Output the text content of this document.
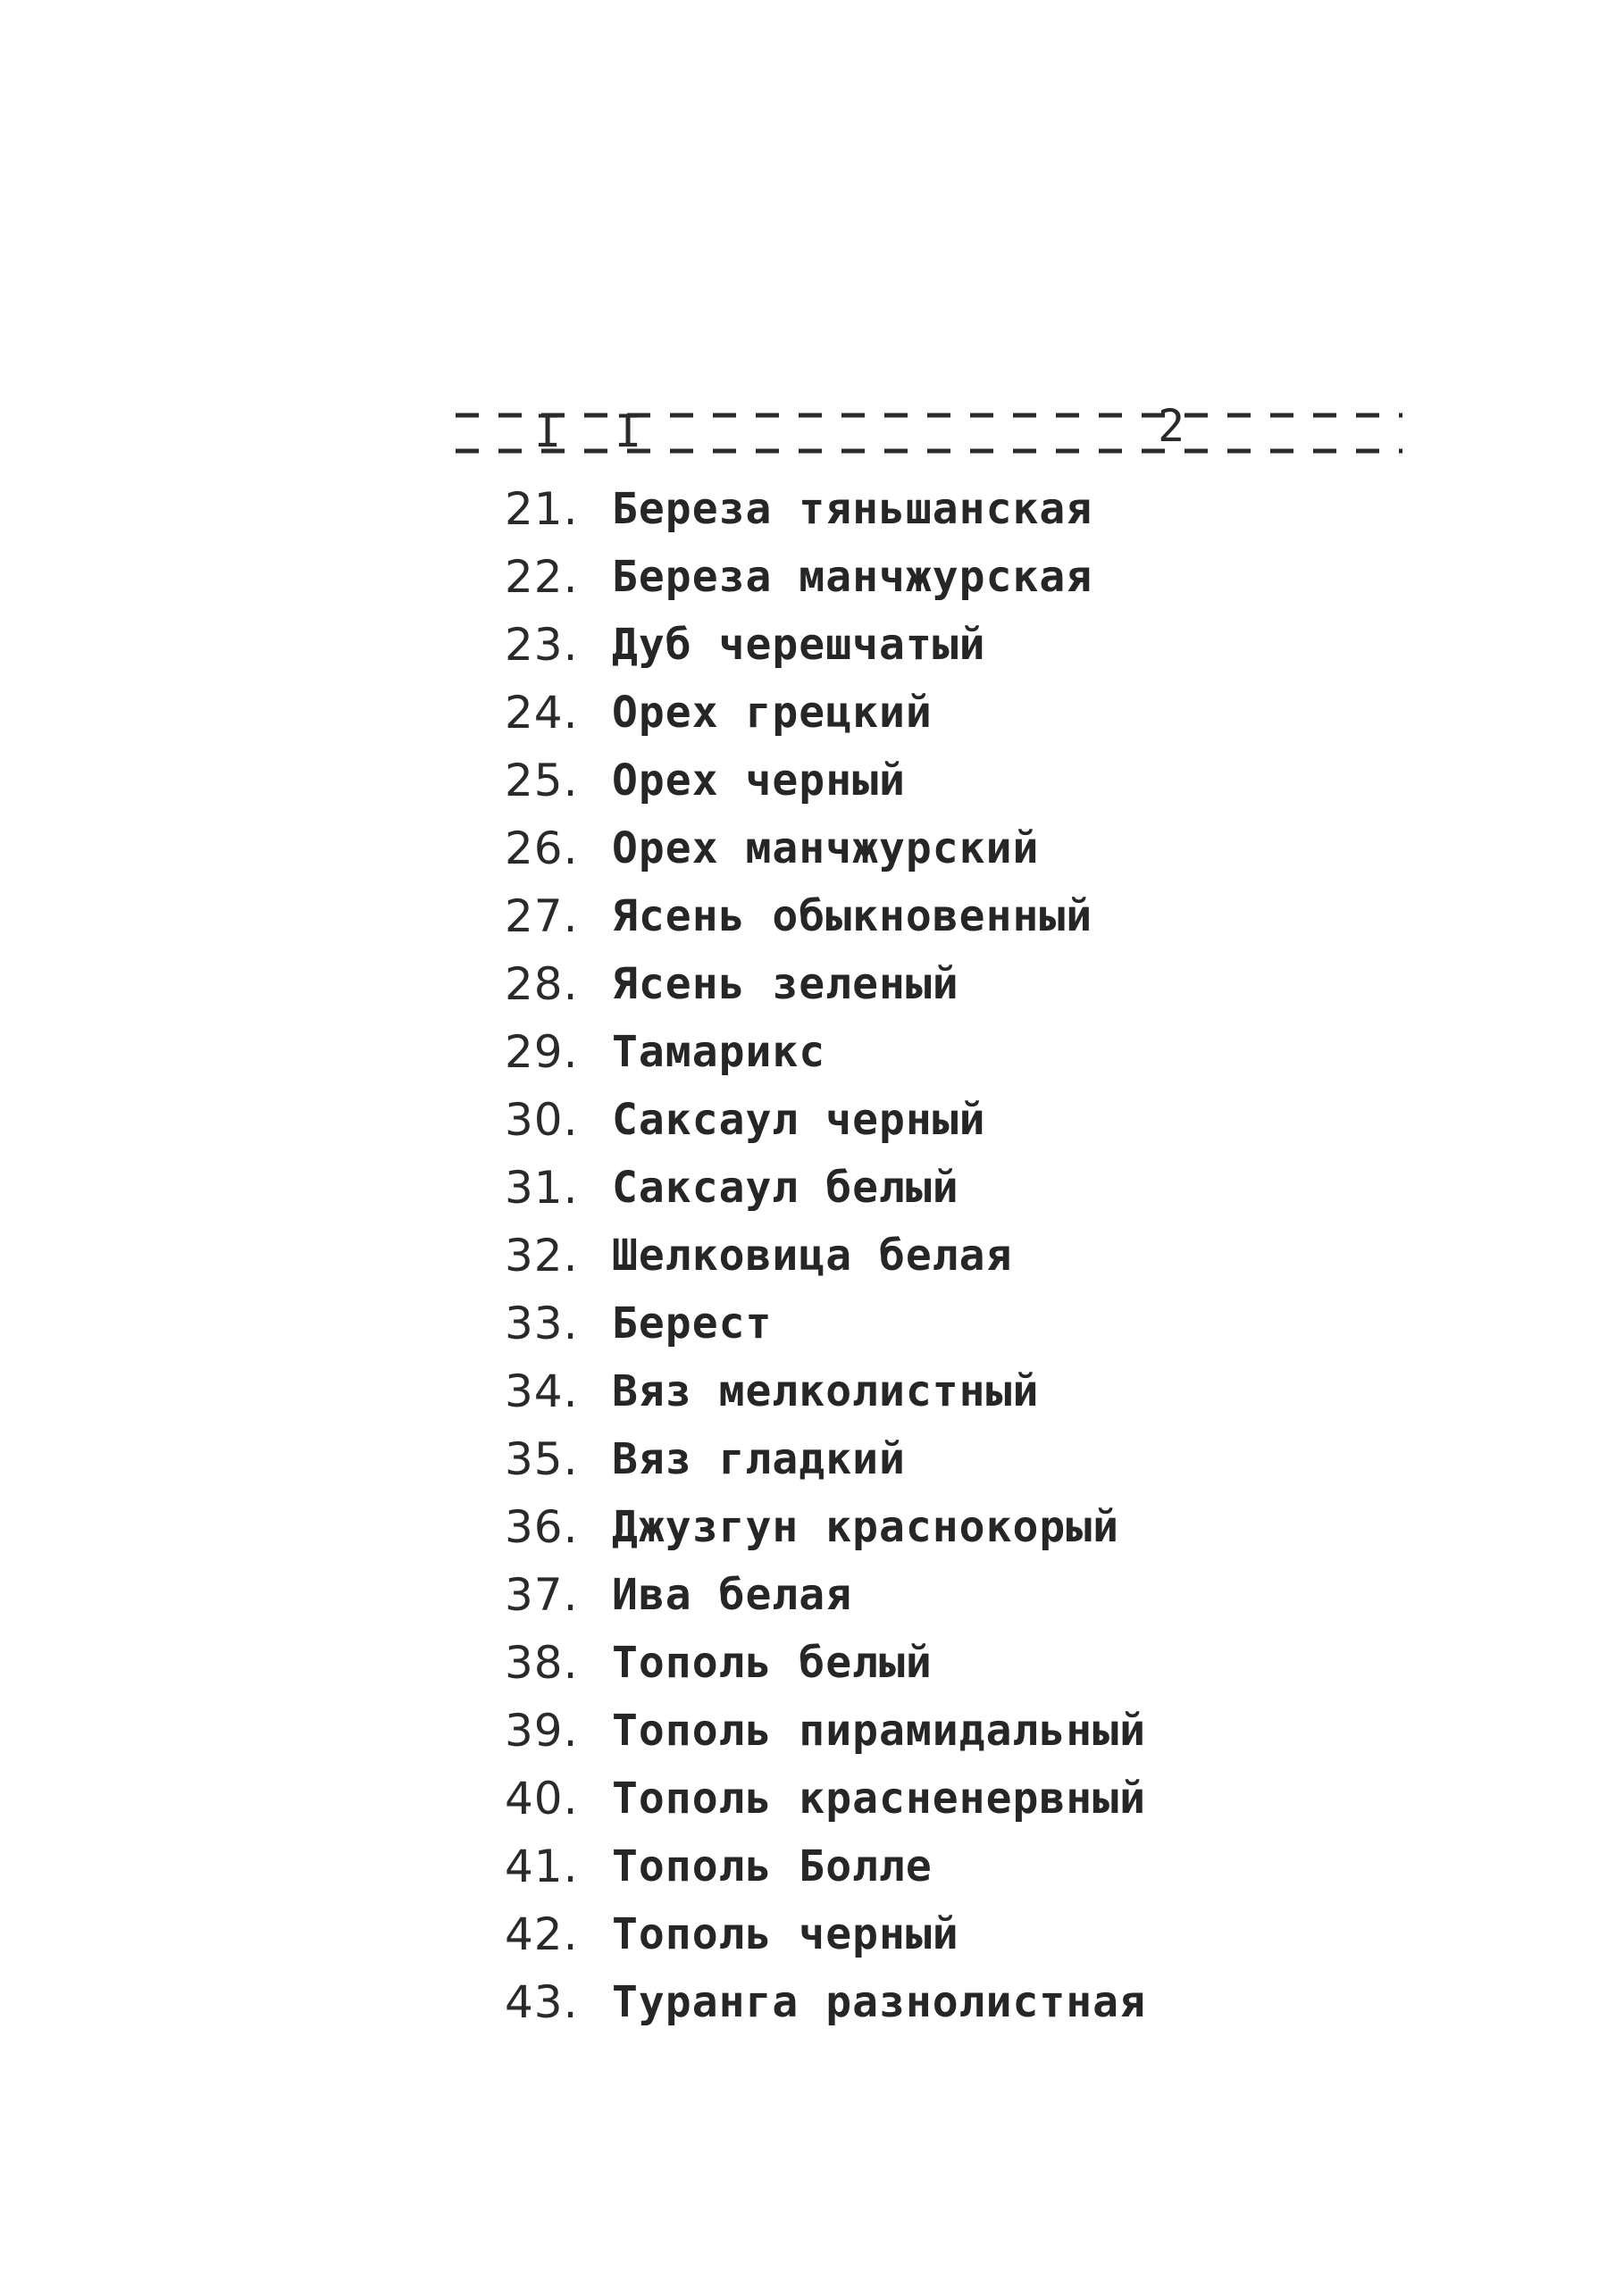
I I	2
21. Береза тяньшанская
22. Береза манчжурская
23. Дуб черешчатый
24. Орех грецкий
25. Орех черный
26. Орех манчжурский
27. Ясень обыкновенный
28. Ясень зеленый
29. Тамарикс
30. Саксаул черный
31. Саксаул белый
32. Шелковица белая
33. Берест
34. Вяз мелколистный
35. Вяз гладкий
36. Джузгун краснокорый
37. Ива белая
38. Тополь белый
39. Тополь пирамидальный
40. Тополь красненервный
41. Тополь Болле
42. Тополь черный
43. Туранга разнолистная
